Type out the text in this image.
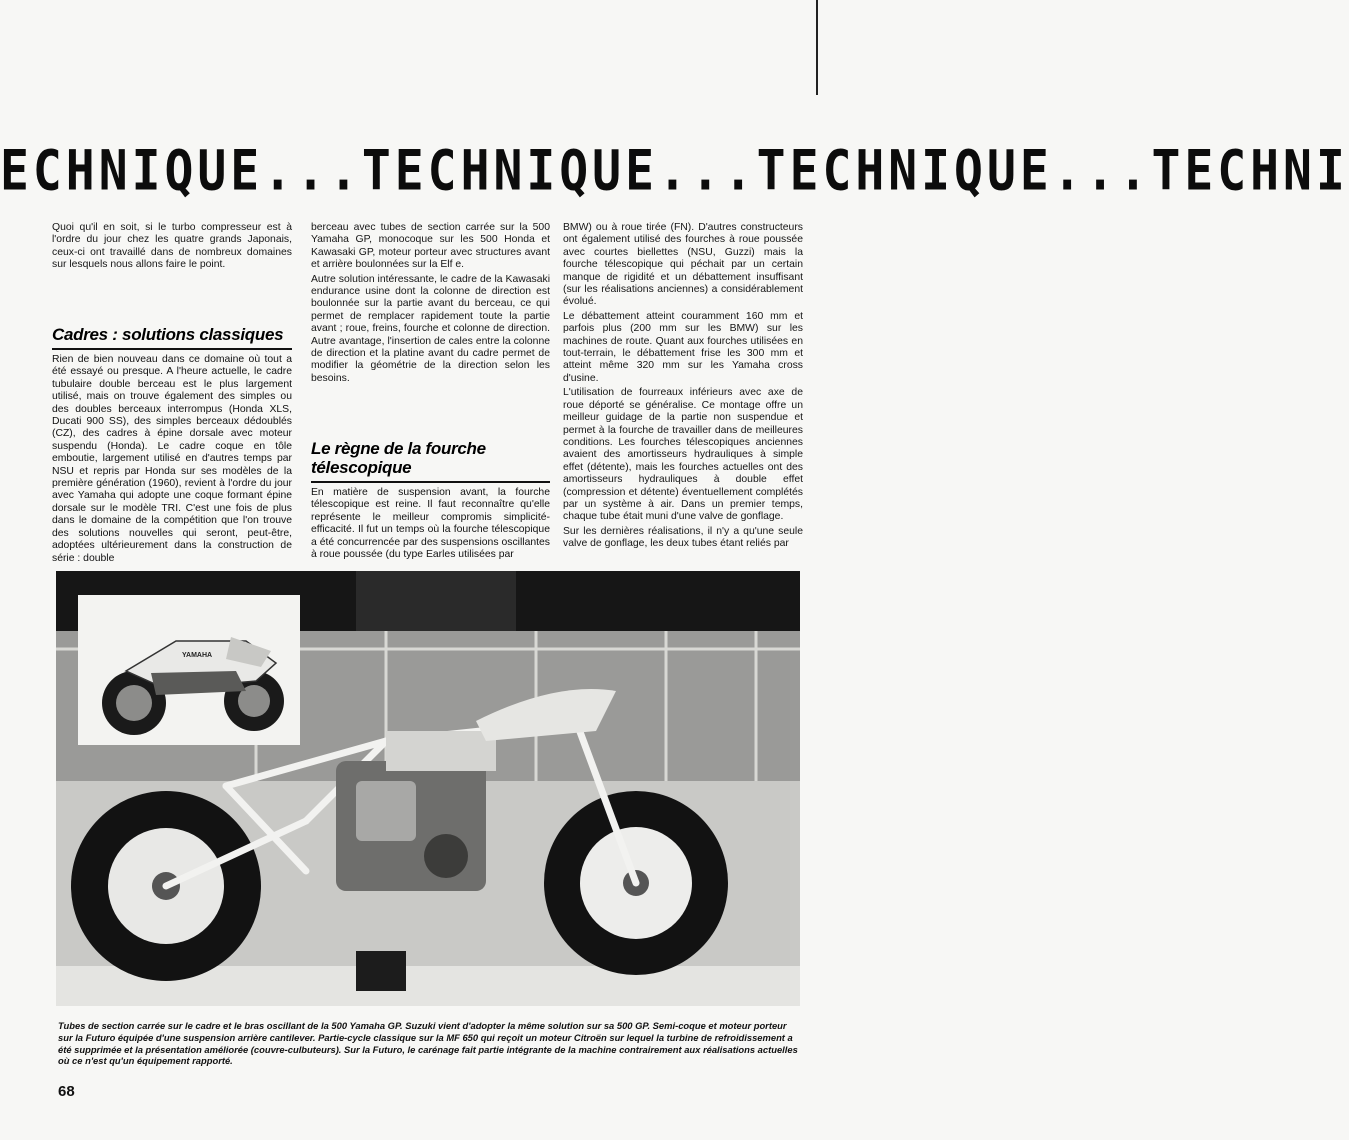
ECHNIQUE...TECHNIQUE...TECHNIQUE...TECHNI

Quoi qu'il en soit, si le turbo compresseur est à l'ordre du jour chez les quatre grands Japonais, ceux-ci ont travaillé dans de nombreux domaines sur lesquels nous allons faire le point.

Cadres : solutions classiques
Rien de bien nouveau dans ce domaine où tout a été essayé ou presque. A l'heure actuelle, le cadre tubulaire double berceau est le plus largement utilisé, mais on trouve également des simples ou des doubles berceaux interrompus (Honda XLS, Ducati 900 SS), des simples berceaux dédoublés (CZ), des cadres à épine dorsale avec moteur suspendu (Honda). Le cadre coque en tôle emboutie, largement utilisé en d'autres temps par NSU et repris par Honda sur ses modèles de la première génération (1960), revient à l'ordre du jour avec Yamaha qui adopte une coque formant épine dorsale sur le modèle TRI. C'est une fois de plus dans le domaine de la compétition que l'on trouve des solutions nouvelles qui seront, peut-être, adoptées ultérieurement dans la construction de série : double

berceau avec tubes de section carrée sur la 500 Yamaha GP, monocoque sur les 500 Honda et Kawasaki GP, moteur porteur avec structures avant et arrière boulonnées sur la Elf e.

Autre solution intéressante, le cadre de la Kawasaki endurance usine dont la colonne de direction est boulonnée sur la partie avant du berceau, ce qui permet de remplacer rapidement toute la partie avant ; roue, freins, fourche et colonne de direction. Autre avantage, l'insertion de cales entre la colonne de direction et la platine avant du cadre permet de modifier la géométrie de la direction selon les besoins.

Le règne de la fourche
télescopique
En matière de suspension avant, la fourche télescopique est reine. Il faut reconnaître qu'elle représente le meilleur compromis simplicité-efficacité. Il fut un temps où la fourche télescopique a été concurrencée par des suspensions oscillantes à roue poussée (du type Earles utilisées par

BMW) ou à roue tirée (FN). D'autres constructeurs ont également utilisé des fourches à roue poussée avec courtes biellettes (NSU, Guzzi) mais la fourche télescopique qui péchait par un certain manque de rigidité et un débattement insuffisant (sur les réalisations anciennes) a considérablement évolué.

Le débattement atteint couramment 160 mm et parfois plus (200 mm sur les BMW) sur les machines de route. Quant aux fourches utilisées en tout-terrain, le débattement frise les 300 mm et atteint même 320 mm sur les Yamaha cross d'usine.

L'utilisation de fourreaux inférieurs avec axe de roue déporté se généralise. Ce montage offre un meilleur guidage de la partie non suspendue et permet à la fourche de travailler dans de meilleures conditions. Les fourches télescopiques anciennes avaient des amortisseurs hydrauliques à simple effet (détente), mais les fourches actuelles ont des amortisseurs hydrauliques à double effet (compression et détente) éventuellement complétés par un système à air. Dans un premier temps, chaque tube était muni d'une valve de gonflage.

Sur les dernières réalisations, il n'y a qu'une seule valve de gonflage, les deux tubes étant reliés par

YAMAHA
Tubes de section carrée sur le cadre et le bras oscillant de la 500 Yamaha GP. Suzuki vient d'adopter la même solution sur sa 500 GP. Semi-coque et moteur porteur sur la Futuro équipée d'une suspension arrière cantilever. Partie-cycle classique sur la MF 650 qui reçoit un moteur Citroën sur lequel la turbine de refroidissement a été supprimée et la présentation améliorée (couvre-culbuteurs). Sur la Futuro, le carénage fait partie intégrante de la machine contrairement aux réalisations actuelles où ce n'est qu'un équipement rapporté.
68
